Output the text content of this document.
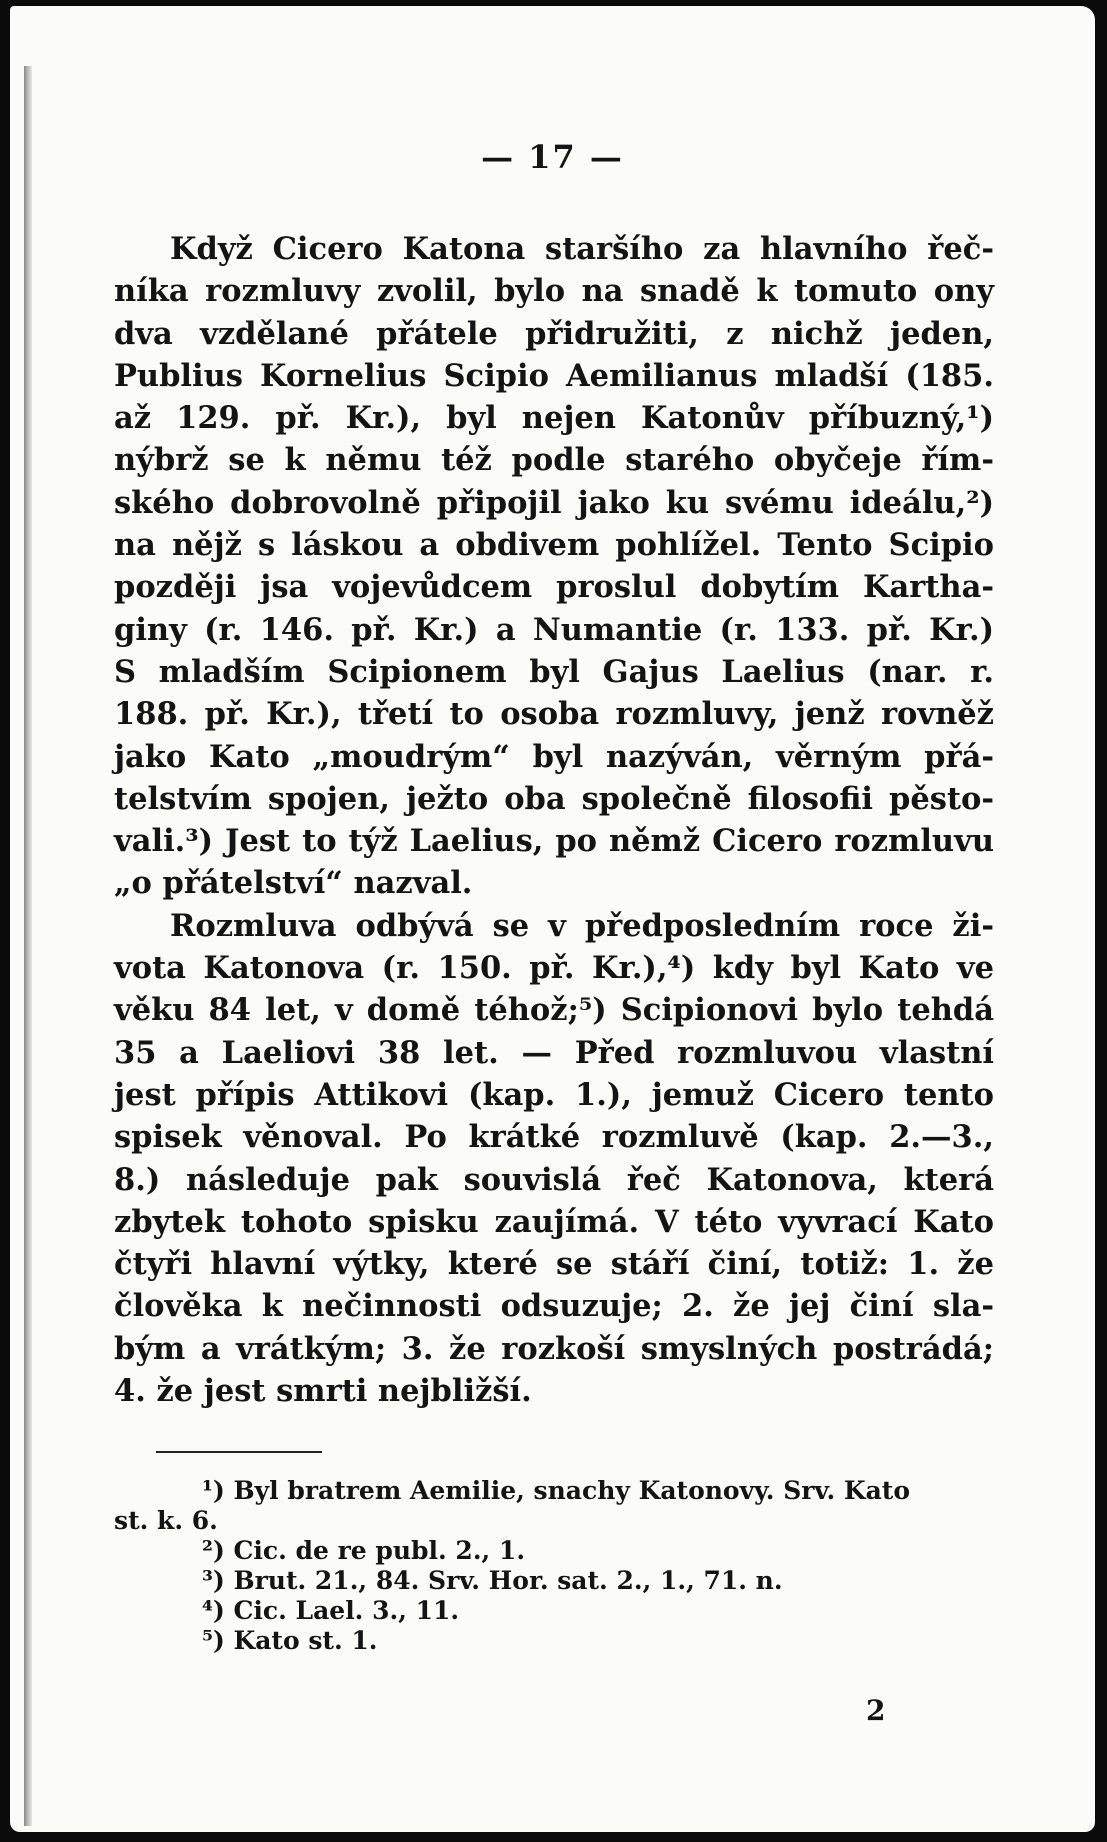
— 17 —
Když Cicero Katona staršího za hlavního řeč-
níka rozmluvy zvolil, bylo na snadě k tomuto ony
dva vzdělané přátele přidružiti, z nichž jeden,
Publius Kornelius Scipio Aemilianus mladší (185.
až 129. př. Kr.), byl nejen Katonův příbuzný,¹)
nýbrž se k němu též podle starého obyčeje řím-
ského dobrovolně připojil jako ku svému ideálu,²)
na nějž s láskou a obdivem pohlížel. Tento Scipio
později jsa vojevůdcem proslul dobytím Kartha-
giny (r. 146. př. Kr.) a Numantie (r. 133. př. Kr.)
S mladším Scipionem byl Gajus Laelius (nar. r.
188. př. Kr.), třetí to osoba rozmluvy, jenž rovněž
jako Kato „moudrým“ byl nazýván, věrným přá-
telstvím spojen, ježto oba společně filosofii pěsto-
vali.³) Jest to týž Laelius, po němž Cicero rozmluvu
„o přátelství“ nazval.
Rozmluva odbývá se v předposledním roce ži-
vota Katonova (r. 150. př. Kr.),⁴) kdy byl Kato ve
věku 84 let, v domě téhož;⁵) Scipionovi bylo tehdá
35 a Laeliovi 38 let. — Před rozmluvou vlastní
jest přípis Attikovi (kap. 1.), jemuž Cicero tento
spisek věnoval. Po krátké rozmluvě (kap. 2.—3.,
8.) následuje pak souvislá řeč Katonova, která
zbytek tohoto spisku zaujímá. V této vyvrací Kato
čtyři hlavní výtky, které se stáří činí, totiž: 1. že
člověka k nečinnosti odsuzuje; 2. že jej činí sla-
bým a vrátkým; 3. že rozkoší smyslných postrádá;
4. že jest smrti nejbližší.
¹) Byl bratrem Aemilie, snachy Katonovy. Srv. Kato
st. k. 6.
²) Cic. de re publ. 2., 1.
³) Brut. 21., 84. Srv. Hor. sat. 2., 1., 71. n.
⁴) Cic. Lael. 3., 11.
⁵) Kato st. 1.
2
